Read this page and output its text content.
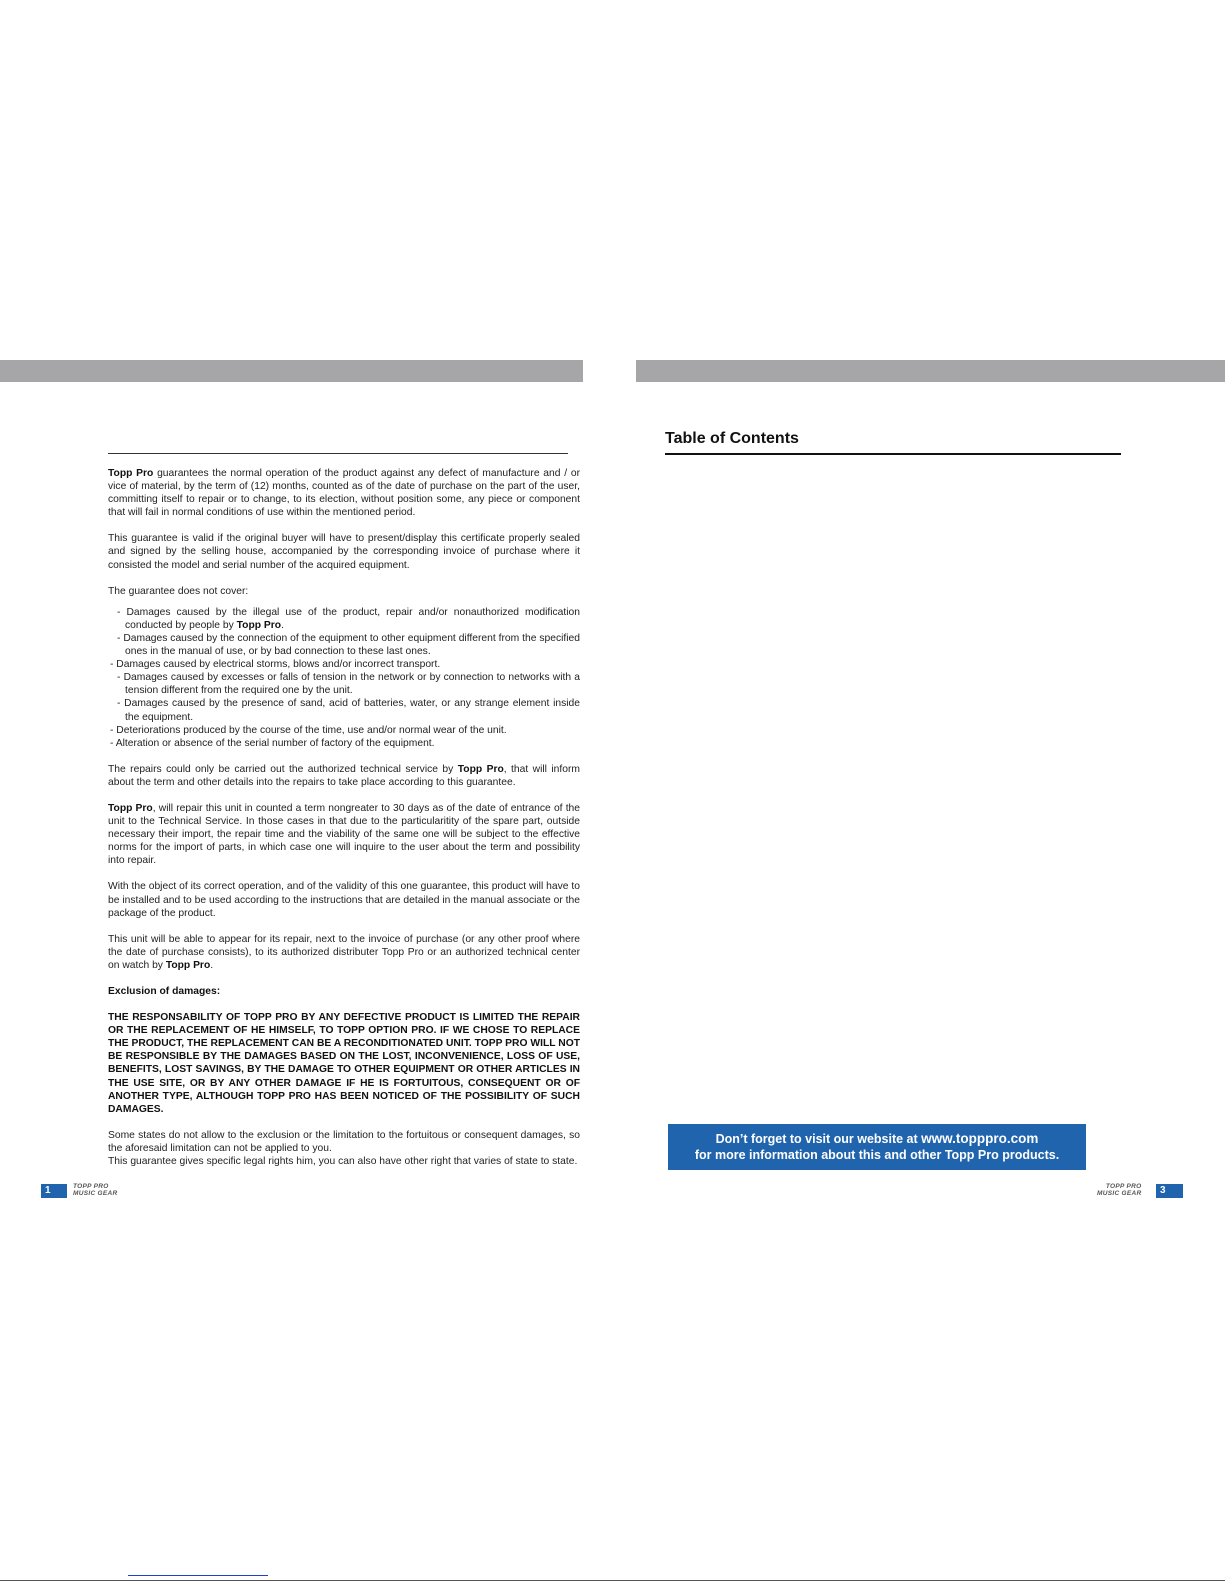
Topp Pro guarantees the normal operation of the product against any defect of manufacture and / or vice of material, by the term of (12) months, counted as of the date of purchase on the part of the user, committing itself to repair or to change, to its election, without position some, any piece or component that will fail in normal conditions of use within the mentioned period.

This guarantee is valid if the original buyer will have to present/display this certificate properly sealed and signed by the selling house, accompanied by the corresponding invoice of purchase where it consisted the model and serial number of the acquired equipment.

The guarantee does not cover:

- Damages caused by the illegal use of the product, repair and/or nonauthorized modification conducted by people by Topp Pro.
- Damages caused by the connection of the equipment to other equipment different from the specified ones in the manual of use, or by bad connection to these last ones.
- Damages caused by electrical storms, blows and/or incorrect transport.
- Damages caused by excesses or falls of tension in the network or by connection to networks with a tension different from the required one by the unit.
- Damages caused by the presence of sand, acid of batteries, water, or any strange element inside the equipment.
- Deteriorations produced by the course of the time, use and/or normal wear of the unit.
- Alteration or absence of the serial number of factory of the equipment.

The repairs could only be carried out the authorized technical service by Topp Pro, that will inform about the term and other details into the repairs to take place according to this guarantee.

Topp Pro, will repair this unit in counted a term nongreater to 30 days as of the date of entrance of the unit to the Technical Service. In those cases in that due to the particularitity of the spare part, outside necessary their import, the repair time and the viability of the same one will be subject to the effective norms for the import of parts, in which case one will inquire to the user about the term and possibility into repair.

With the object of its correct operation, and of the validity of this one guarantee, this product will have to be installed and to be used according to the instructions that are detailed in the manual associate or the package of the product.

This unit will be able to appear for its repair, next to the invoice of purchase (or any other proof where the date of purchase consists), to its authorized distributer Topp Pro or an authorized technical center on watch by Topp Pro.

Exclusion of damages:

THE RESPONSABILITY OF TOPP PRO BY ANY DEFECTIVE PRODUCT IS LIMITED THE REPAIR OR THE REPLACEMENT OF HE HIMSELF, TO TOPP OPTION PRO. IF WE CHOSE TO REPLACE THE PRODUCT, THE REPLACEMENT CAN BE A RECONDITIONATED UNIT. TOPP PRO WILL NOT BE RESPONSIBLE BY THE DAMAGES BASED ON THE LOST, INCONVENIENCE, LOSS OF USE, BENEFITS, LOST SAVINGS, BY THE DAMAGE TO OTHER EQUIPMENT OR OTHER ARTICLES IN THE USE SITE, OR BY ANY OTHER DAMAGE IF HE IS FORTUITOUS, CONSEQUENT OR OF ANOTHER TYPE, ALTHOUGH TOPP PRO HAS BEEN NOTICED OF THE POSSIBILITY OF SUCH DAMAGES.

Some states do not allow to the exclusion or the limitation to the fortuitous or consequent damages, so the aforesaid limitation can not be applied to you.

This guarantee gives specific legal rights him, you can also have other right that varies of state to state.

1	TOPP PRO
MUSIC GEAR
Table of Contents
Don’t forget to visit our website at www.topppro.com
for more information about this and other Topp Pro products.
TOPP PRO
MUSIC GEAR	3
